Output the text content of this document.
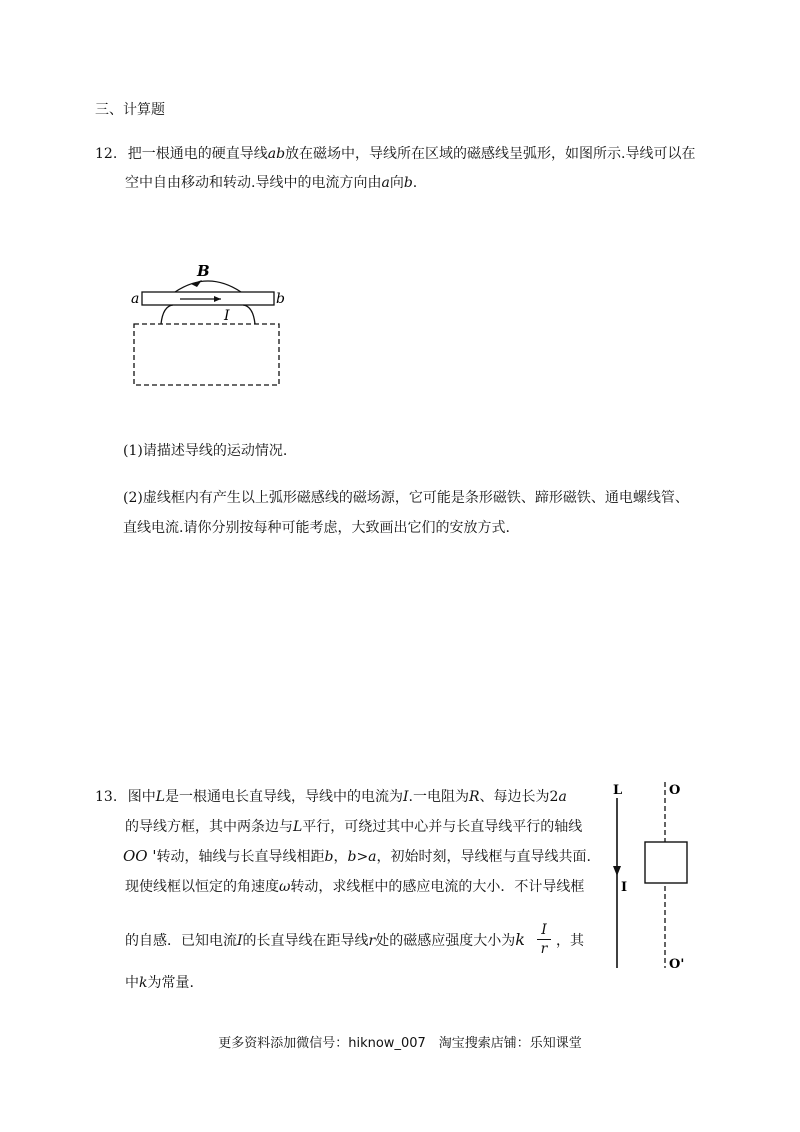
三、计算题
12. 把一根通电的硬直导线ab放在磁场中，导线所在区域的磁感线呈弧形，如图所示.导线可以在
空中自由移动和转动.导线中的电流方向由a向b.
a	b
B
I
(1)请描述导线的运动情况.
(2)虚线框内有产生以上弧形磁感线的磁场源，它可能是条形磁铁、蹄形磁铁、通电螺线管、
直线电流.请你分别按每种可能考虑，大致画出它们的安放方式.
13. 图中L是一根通电长直导线，导线中的电流为I.一电阻为R、每边长为2a
的导线方框，其中两条边与L平行，可绕过其中心并与长直导线平行的轴线
OO '转动，轴线与长直导线相距b，b>a，初始时刻，导线框与直导线共面.
现使线框以恒定的角速度ω转动，求线框中的感应电流的大小．不计导线框
的自感．已知电流I的长直导线在距导线r处的磁感应强度大小为k	I
r ，其
中k为常量.
L
I
O
O'
更多资料添加微信号：hiknow_007　淘宝搜索店铺：乐知课堂
